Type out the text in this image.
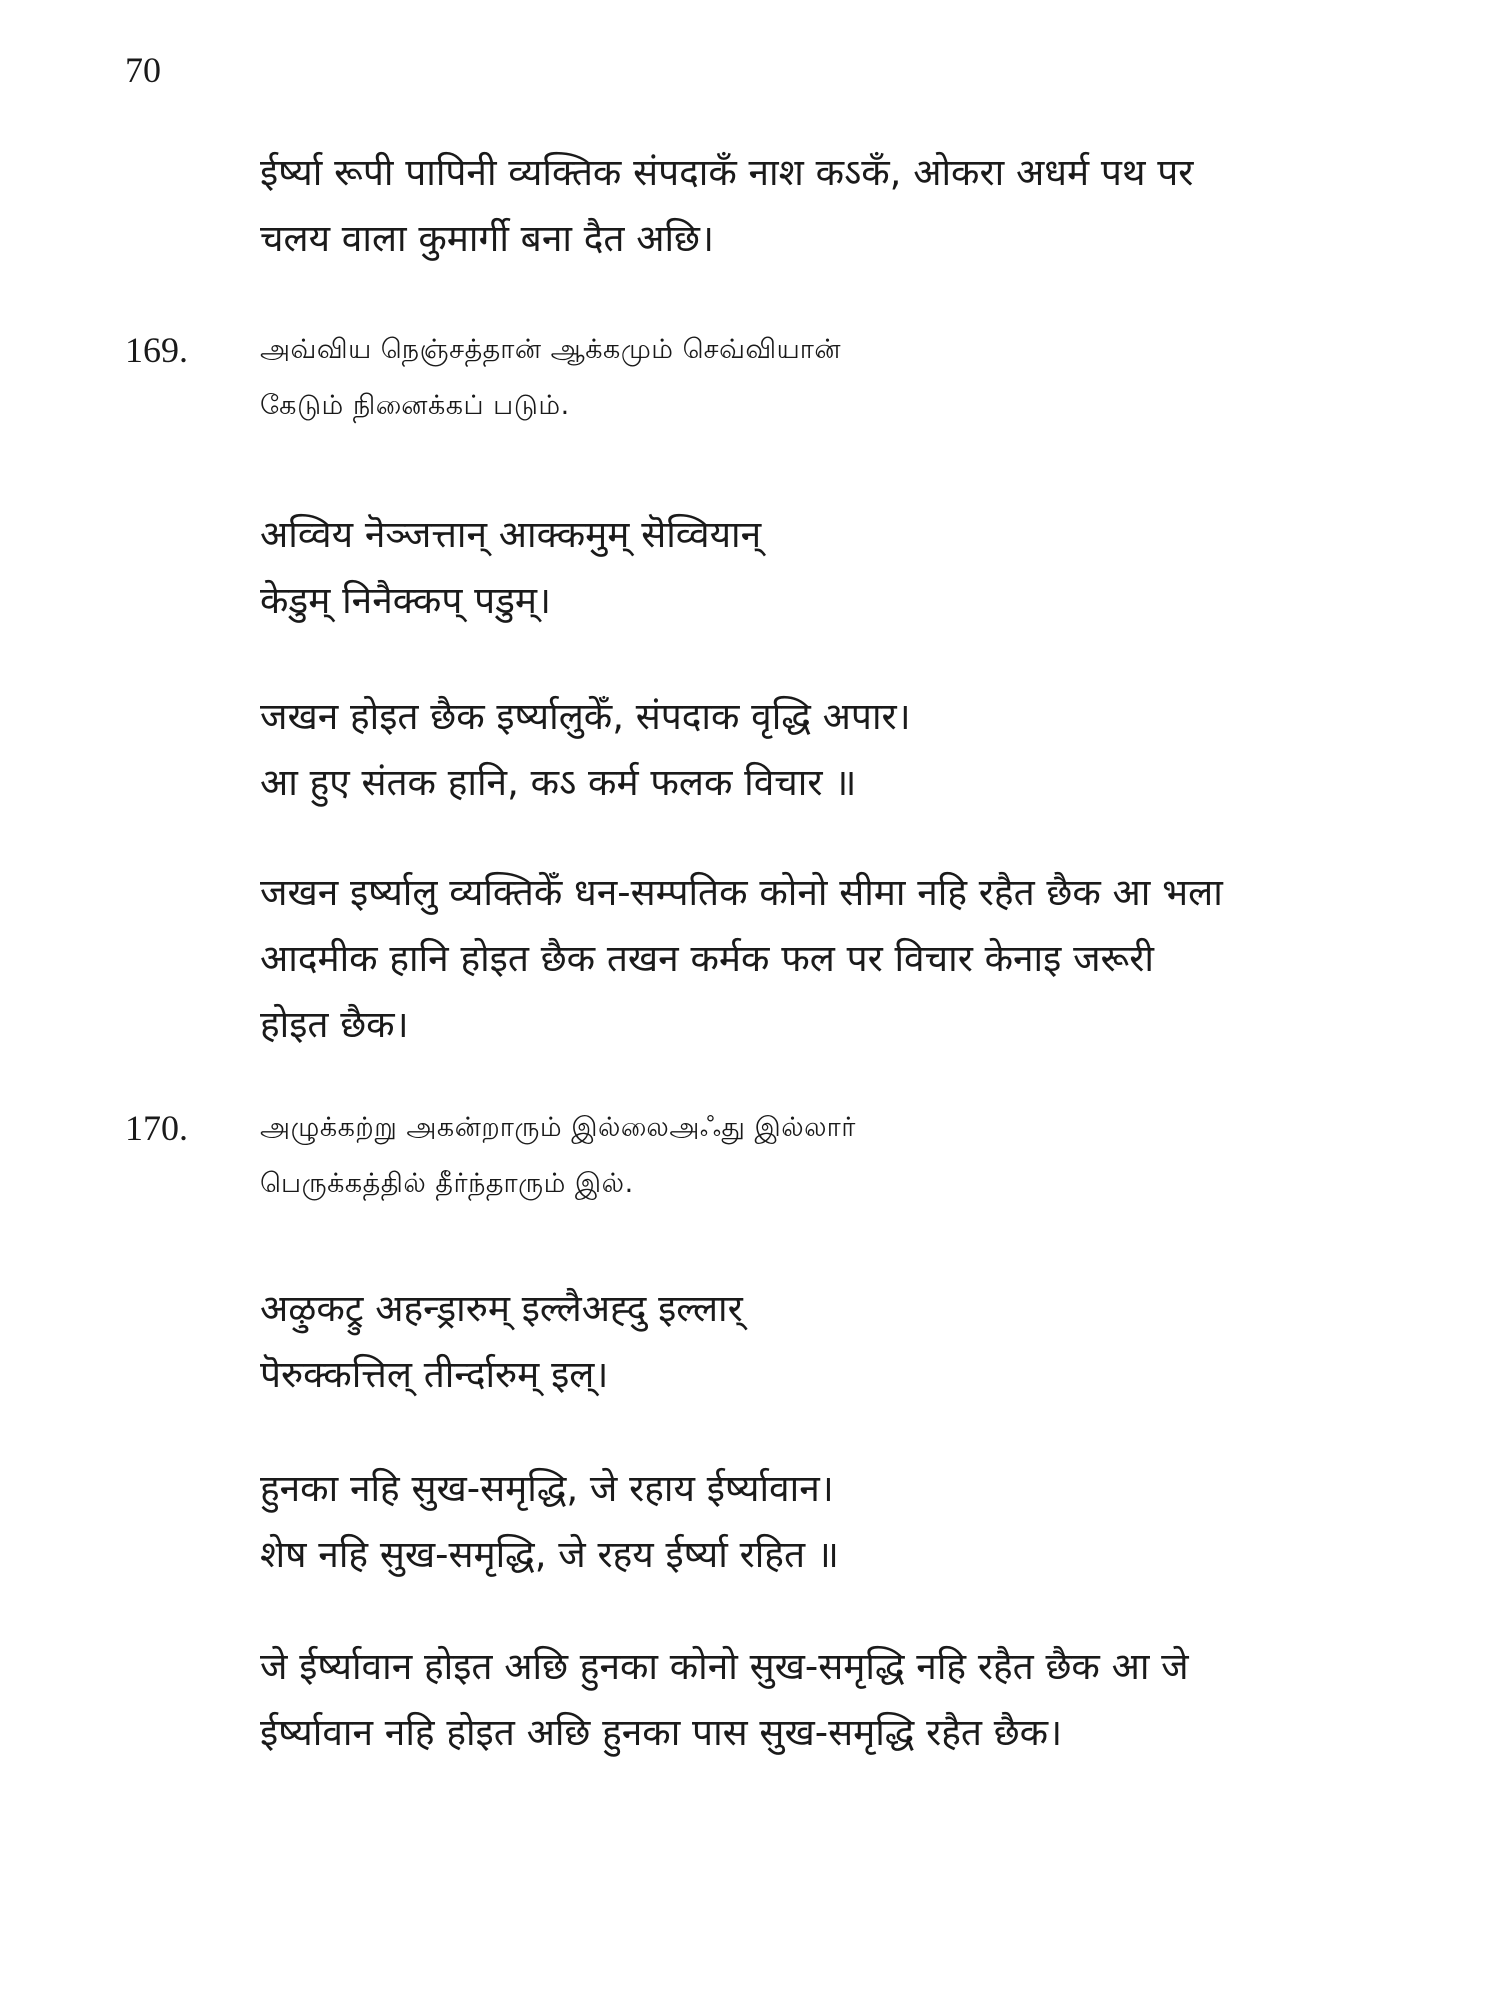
70
ईर्ष्या रूपी पापिनी व्यक्तिक संपदाकँ नाश कऽकँ, ओकरा अधर्म पथ पर
चलय वाला कुमार्गी बना दैत अछि।
169.	அவ்விய நெஞ்சத்தான் ஆக்கமும் செவ்வியான்
கேடும் நினைக்கப் படும்.
अव्विय नॆञ्जत्तान् आक्कमुम् सॆव्वियान्
केडुम् निनैक्कप् पडुम्।
जखन होइत छैक इर्ष्यालुकेँ, संपदाक वृद्धि अपार।
आ हुए संतक हानि, कऽ कर्म फलक विचार ॥
जखन इर्ष्यालु व्यक्तिकेँ धन-सम्पतिक कोनो सीमा नहि रहैत छैक आ भला
आदमीक हानि होइत छैक तखन कर्मक फल पर विचार केनाइ जरूरी
होइत छैक।
170.	அழுக்கற்று அகன்றாரும் இல்லைஅஃது இல்லார்
பெருக்கத்தில் தீர்ந்தாரும் இல்.
अऴुकट्रु अहन्ड्रारुम् इल्लैअह्दु इल्लार्
पॆरुक्कत्तिल् तीर्न्दारुम् इल्।
हुनका नहि सुख-समृद्धि, जे रहाय ईर्ष्यावान।
शेष नहि सुख-समृद्धि, जे रहय ईर्ष्या रहित ॥
जे ईर्ष्यावान होइत अछि हुनका कोनो सुख-समृद्धि नहि रहैत छैक आ जे
ईर्ष्यावान नहि होइत अछि हुनका पास सुख-समृद्धि रहैत छैक।
